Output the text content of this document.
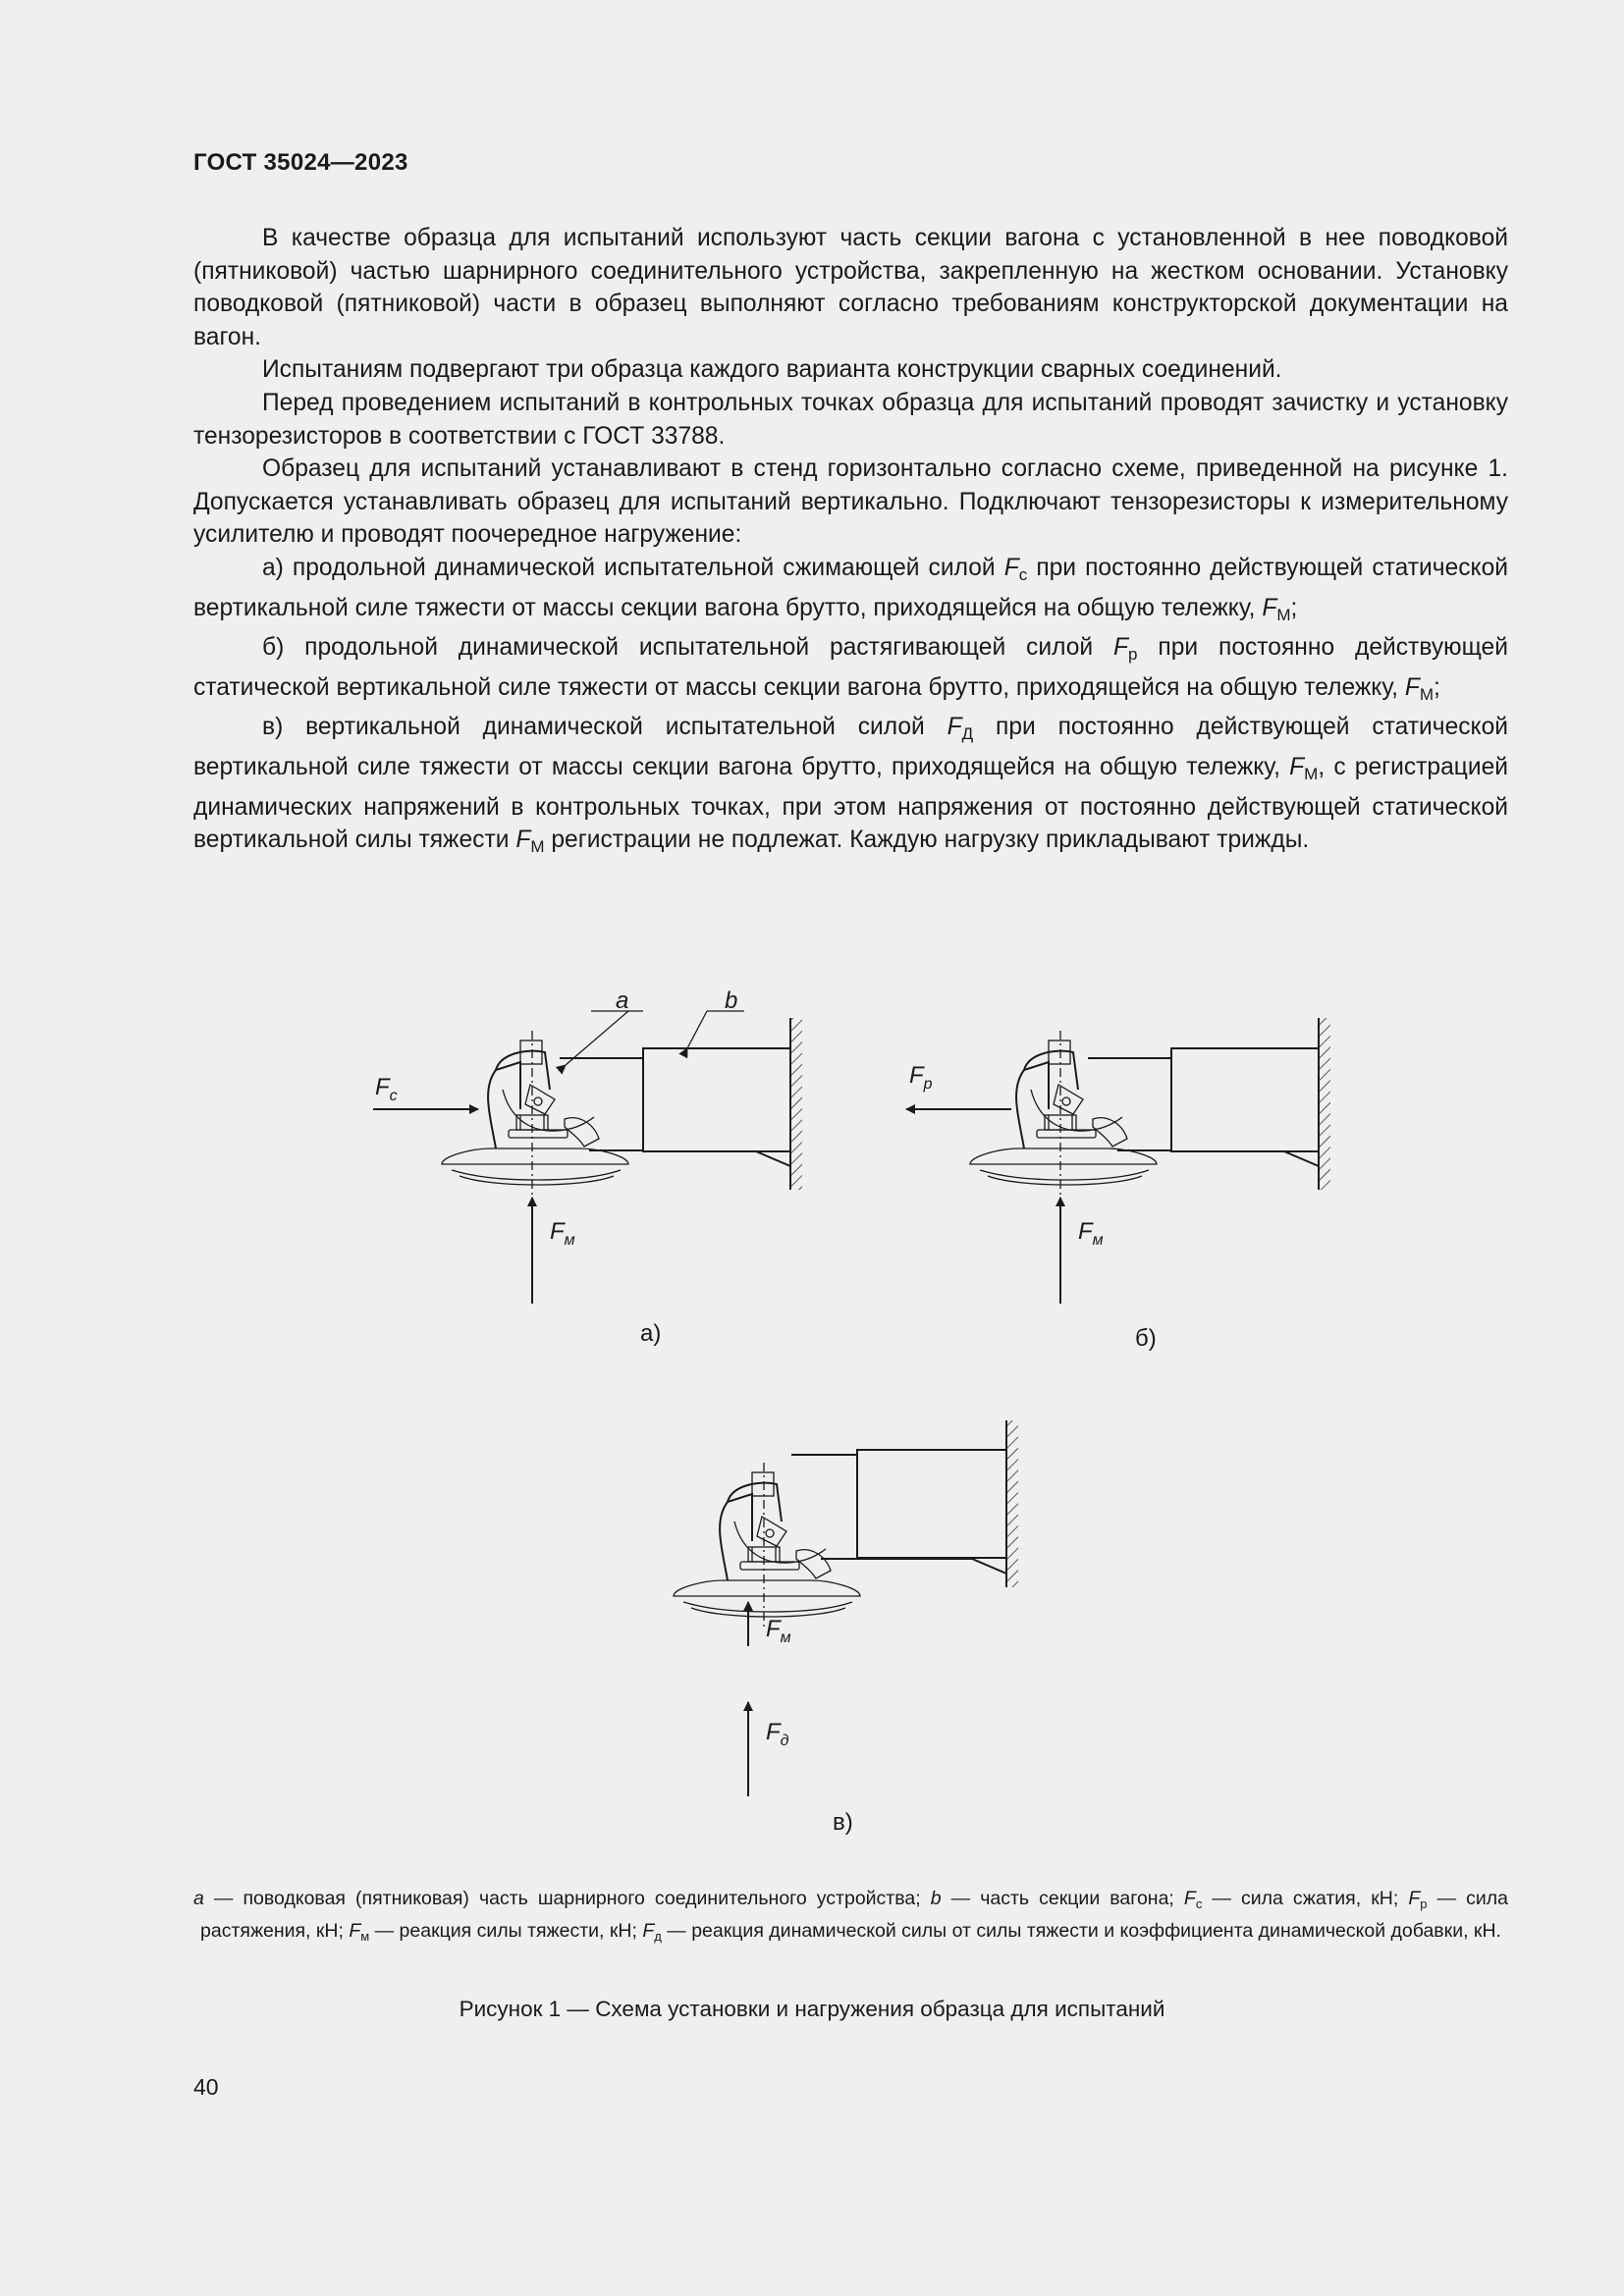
ГОСТ 35024—2023

В качестве образца для испытаний используют часть секции вагона с установленной в нее поводковой (пятниковой) частью шарнирного соединительного устройства, закрепленную на жестком основании. Установку поводковой (пятниковой) части в образец выполняют согласно требованиям конструкторской документации на вагон.

Испытаниям подвергают три образца каждого варианта конструкции сварных соединений.

Перед проведением испытаний в контрольных точках образца для испытаний проводят зачистку и установку тензорезисторов в соответствии с ГОСТ 33788.

Образец для испытаний устанавливают в стенд горизонтально согласно схеме, приведенной на рисунке 1. Допускается устанавливать образец для испытаний вертикально. Подключают тензорезисторы к измерительному усилителю и проводят поочередное нагружение:

а) продольной динамической испытательной сжимающей силой $F_с$ при постоянно действующей статической вертикальной силе тяжести от массы секции вагона брутто, приходящейся на общую тележку, $F_М$;

б) продольной динамической испытательной растягивающей силой $F_р$ при постоянно действующей статической вертикальной силе тяжести от массы секции вагона брутто, приходящейся на общую тележку, $F_М$;

в) вертикальной динамической испытательной силой $F_Д$ при постоянно действующей статической вертикальной силе тяжести от массы секции вагона брутто, приходящейся на общую тележку, $F_М$, с регистрацией динамических напряжений в контрольных точках, при этом напряжения от постоянно действующей статической вертикальной силы тяжести $F_М$ регистрации не подлежат. Каждую нагрузку прикладывают трижды.

$F_с$
$F_м$
a	b
$F_р$
$F_м$
$F_м$
$F_д$
а)	б)
в)
a — поводковая (пятниковая) часть шарнирного соединительного устройства; b — часть секции вагона; $F_с$ — сила сжатия, кН; $F_р$ — сила растяжения, кН; $F_м$ — реакция силы тяжести, кН; $F_д$ — реакция динамической силы от силы тяжести и коэффициента динамической добавки, кН.
Рисунок 1 — Схема установки и нагружения образца для испытаний
40
